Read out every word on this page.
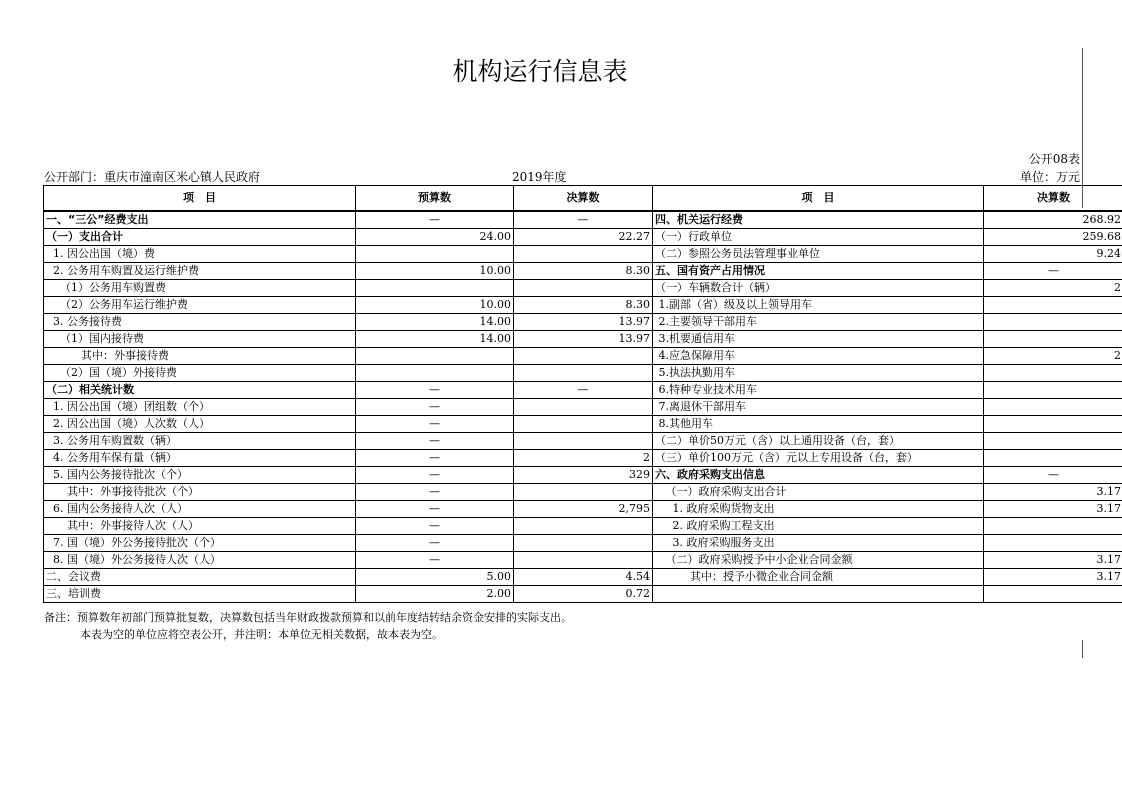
机构运行信息表
公开08表
公开部门：重庆市潼南区米心镇人民政府	2019年度	单位：万元
项　目	预算数	决算数	项　目	决算数
一、“三公”经费支出	—	—	四、机关运行经费	268.92
（一）支出合计	24.00	22.27	（一）行政单位	259.68
1. 因公出国（境）费			（二）参照公务员法管理事业单位	9.24
2. 公务用车购置及运行维护费	10.00	8.30	五、国有资产占用情况	—
（1）公务用车购置费			（一）车辆数合计（辆）	2
（2）公务用车运行维护费	10.00	8.30	1.副部（省）级及以上领导用车	
3. 公务接待费	14.00	13.97	2.主要领导干部用车	
（1）国内接待费	14.00	13.97	3.机要通信用车	
其中：外事接待费			4.应急保障用车	2
（2）国（境）外接待费			5.执法执勤用车	
（二）相关统计数	—	—	6.特种专业技术用车	
1. 因公出国（境）团组数（个）	—		7.离退休干部用车	
2. 因公出国（境）人次数（人）	—		8.其他用车	
3. 公务用车购置数（辆）	—		（二）单价50万元（含）以上通用设备（台，套）	
4. 公务用车保有量（辆）	—	2	（三）单价100万元（含）元以上专用设备（台，套）	
5. 国内公务接待批次（个）	—	329	六、政府采购支出信息	—
其中：外事接待批次（个）	—		（一）政府采购支出合计	3.17
6. 国内公务接待人次（人）	—	2,795	1. 政府采购货物支出	3.17
其中：外事接待人次（人）	—		2. 政府采购工程支出	
7. 国（境）外公务接待批次（个）	—		3. 政府采购服务支出	
8. 国（境）外公务接待人次（人）	—		（二）政府采购授予中小企业合同金额	3.17
二、会议费	5.00	4.54	其中：授予小微企业合同金额	3.17
三、培训费	2.00	0.72		
备注：预算数年初部门预算批复数，决算数包括当年财政拨款预算和以前年度结转结余资金安排的实际支出。
本表为空的单位应将空表公开，并注明：本单位无相关数据，故本表为空。
